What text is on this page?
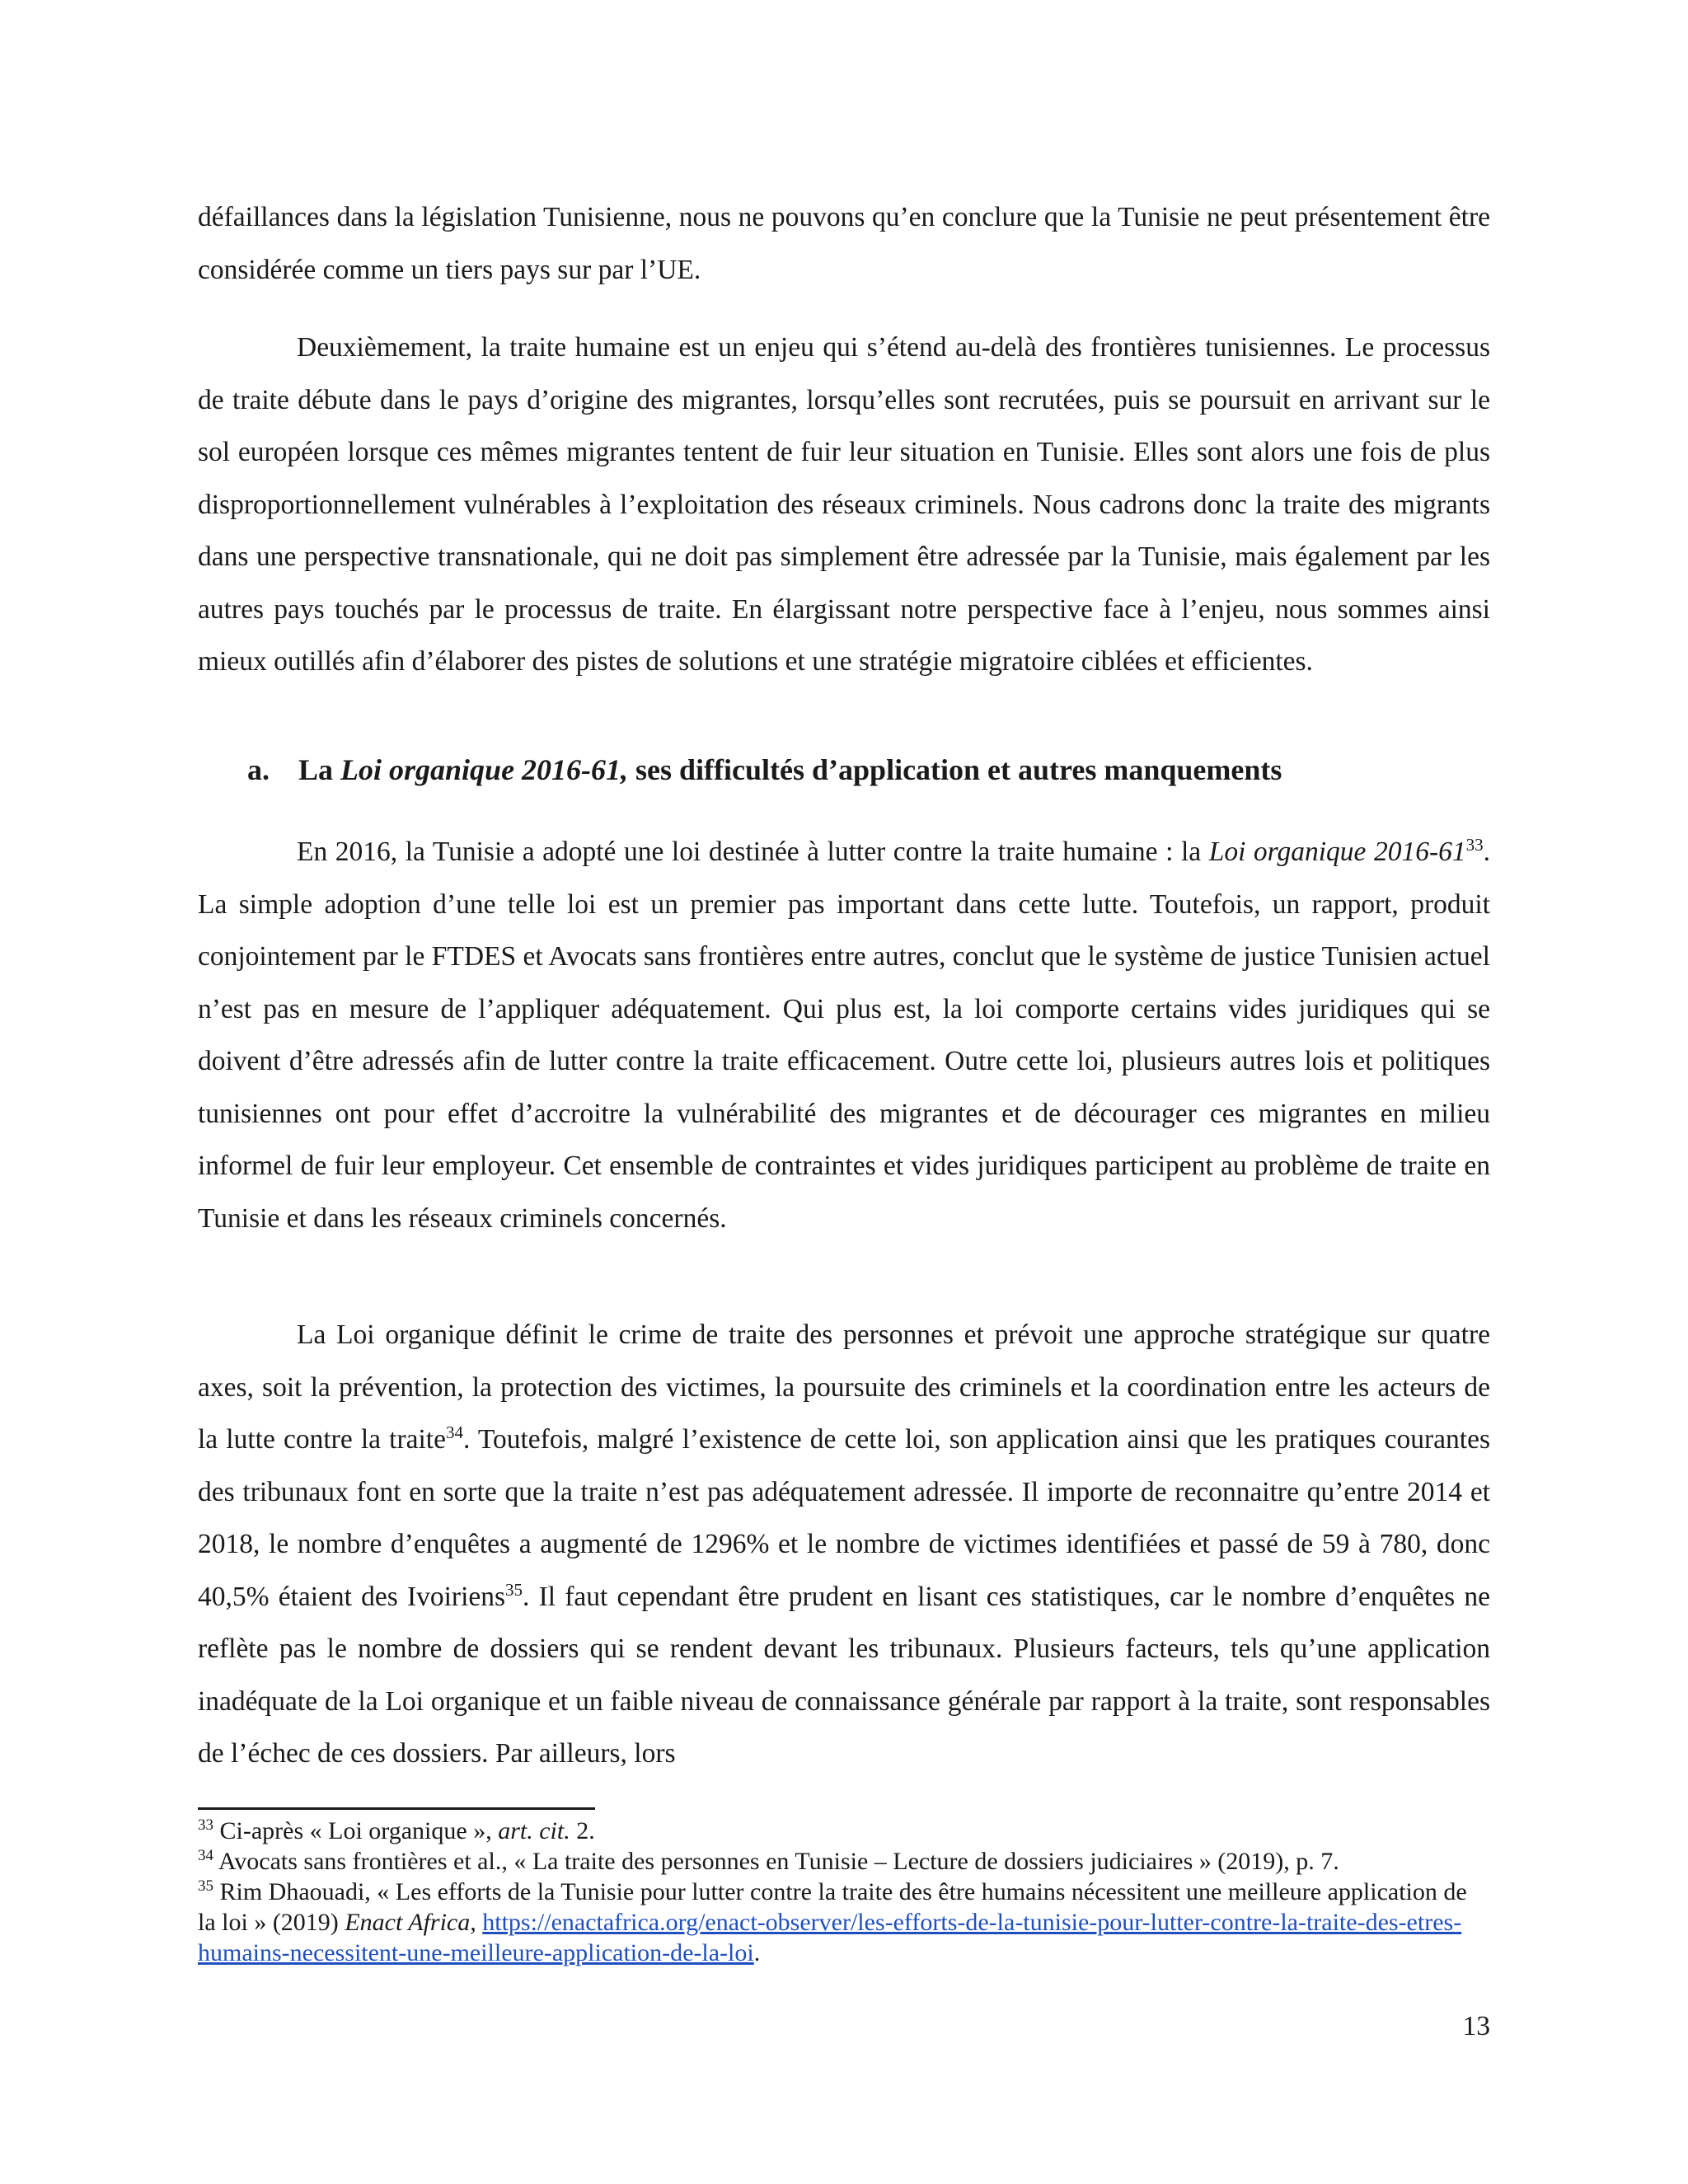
défaillances dans la législation Tunisienne, nous ne pouvons qu’en conclure que la Tunisie ne peut présentement être considérée comme un tiers pays sur par l’UE.

Deuxièmement, la traite humaine est un enjeu qui s’étend au-delà des frontières tunisiennes. Le processus de traite débute dans le pays d’origine des migrantes, lorsqu’elles sont recrutées, puis se poursuit en arrivant sur le sol européen lorsque ces mêmes migrantes tentent de fuir leur situation en Tunisie. Elles sont alors une fois de plus disproportionnellement vulnérables à l’exploitation des réseaux criminels. Nous cadrons donc la traite des migrants dans une perspective transnationale, qui ne doit pas simplement être adressée par la Tunisie, mais également par les autres pays touchés par le processus de traite. En élargissant notre perspective face à l’enjeu, nous sommes ainsi mieux outillés afin d’élaborer des pistes de solutions et une stratégie migratoire ciblées et efficientes.

a. La Loi organique 2016-61, ses difficultés d’application et autres manquements

En 2016, la Tunisie a adopté une loi destinée à lutter contre la traite humaine : la Loi organique $2016-61^{33}$. La simple adoption d’une telle loi est un premier pas important dans cette lutte. Toutefois, un rapport, produit conjointement par le FTDES et Avocats sans frontières entre autres, conclut que le système de justice Tunisien actuel n’est pas en mesure de l’appliquer adéquatement. Qui plus est, la loi comporte certains vides juridiques qui se doivent d’être adressés afin de lutter contre la traite efficacement. Outre cette loi, plusieurs autres lois et politiques tunisiennes ont pour effet d’accroitre la vulnérabilité des migrantes et de décourager ces migrantes en milieu informel de fuir leur employeur. Cet ensemble de contraintes et vides juridiques participent au problème de traite en Tunisie et dans les réseaux criminels concernés.

La Loi organique définit le crime de traite des personnes et prévoit une approche stratégique sur quatre axes, soit la prévention, la protection des victimes, la poursuite des criminels et la coordination entre les acteurs de la lutte contre la traite$^{34}$. Toutefois, malgré l’existence de cette loi, son application ainsi que les pratiques courantes des tribunaux font en sorte que la traite n’est pas adéquatement adressée. Il importe de reconnaitre qu’entre 2014 et 2018, le nombre d’enquêtes a augmenté de 1296% et le nombre de victimes identifiées et passé de 59 à 780, donc 40,5% étaient des Ivoiriens$^{35}$. Il faut cependant être prudent en lisant ces statistiques, car le nombre d’enquêtes ne reflète pas le nombre de dossiers qui se rendent devant les tribunaux. Plusieurs facteurs, tels qu’une application inadéquate de la Loi organique et un faible niveau de connaissance générale par rapport à la traite, sont responsables de l’échec de ces dossiers. Par ailleurs, lors

$^{33}$ Ci-après « Loi organique », art. cit. 2.

$^{34}$ Avocats sans frontières et al., « La traite des personnes en Tunisie – Lecture de dossiers judiciaires » (2019), p. 7.

$^{35}$ Rim Dhaouadi, « Les efforts de la Tunisie pour lutter contre la traite des être humains nécessitent une meilleure application de la loi » (2019) Enact Africa, https://enactafrica.org/enact-observer/les-efforts-de-la-tunisie-pour-lutter-contre-la-traite-des-etres-humains-necessitent-une-meilleure-application-de-la-loi.

13
